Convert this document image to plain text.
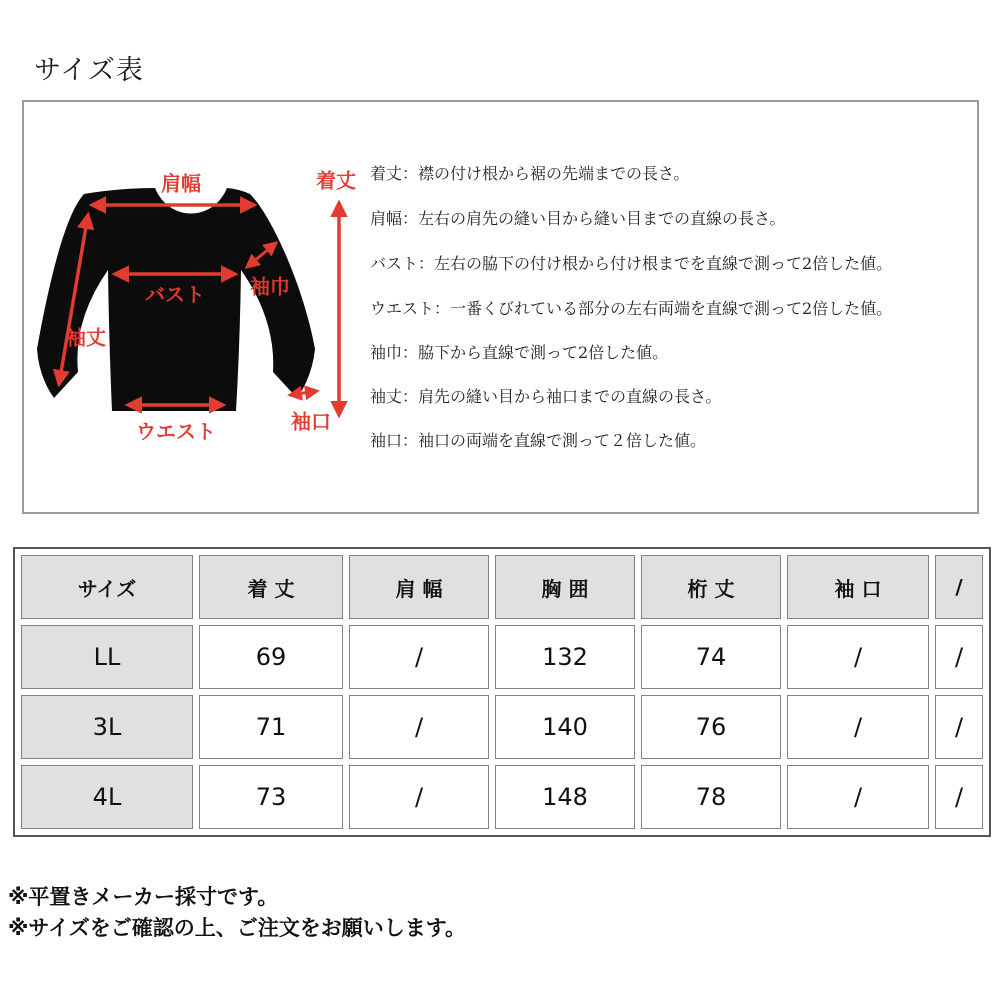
サイズ表
肩幅	着丈
バスト 袖巾
袖丈
ウエスト	袖口
着丈：襟の付け根から裾の先端までの長さ。
肩幅：左右の肩先の縫い目から縫い目までの直線の長さ。
バスト：左右の脇下の付け根から付け根までを直線で測って2倍した値。
ウエスト：一番くびれている部分の左右両端を直線で測って2倍した値。
袖巾：脇下から直線で測って2倍した値。
袖丈：肩先の縫い目から袖口までの直線の長さ。
袖口：袖口の両端を直線で測って２倍した値。
サイズ	着 丈	肩 幅	胸 囲	桁 丈	袖 口	/
LL	69	/	132	74	/	/
3L	71	/	140	76	/	/
4L	73	/	148	78	/	/
※平置きメーカー採寸です。
※サイズをご確認の上、ご注文をお願いします。
